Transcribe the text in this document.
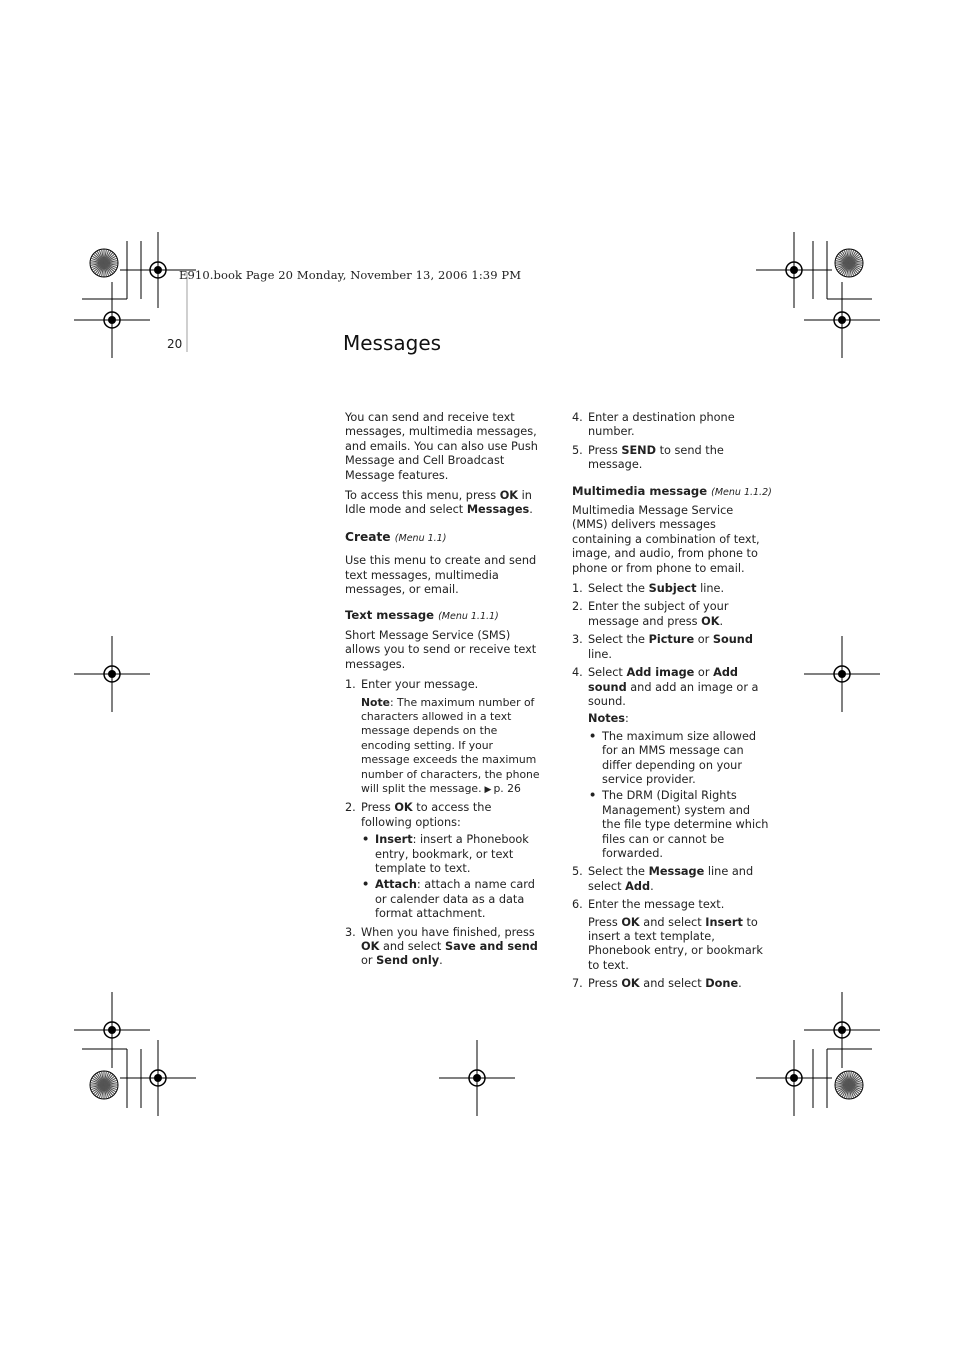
E910.book Page 20 Monday, November 13, 2006 1:39 PM
20	Messages

You can send and receive text messages, multimedia messages, and emails. You can also use Push Message and Cell Broadcast Message features.

To access this menu, press OK in Idle mode and select Messages.

Create (Menu 1.1)

Use this menu to create and send text messages, multimedia messages, or email.

Text message (Menu 1.1.1)

Short Message Service (SMS) allows you to send or receive text messages.

1. Enter your message.
Note: The maximum number of characters allowed in a text message depends on the encoding setting. If your message exceeds the maximum number of characters, the phone will split the message. ▶ p. 26
2. Press OK to access the following options:
• Insert: insert a Phonebook entry, bookmark, or text template to text.
• Attach: attach a name card or calender data as a data format attachment.
3. When you have finished, press OK and select Save and send or Send only.
4. Enter a destination phone number.
5. Press SEND to send the message.
Multimedia message (Menu 1.1.2)

Multimedia Message Service (MMS) delivers messages containing a combination of text, image, and audio, from phone to phone or from phone to email.

1. Select the Subject line.
2. Enter the subject of your message and press OK.
3. Select the Picture or Sound line.
4. Select Add image or Add sound and add an image or a sound.
Notes:
• The maximum size allowed for an MMS message can differ depending on your service provider.
• The DRM (Digital Rights Management) system and the file type determine which files can or cannot be forwarded.
5. Select the Message line and select Add.
6. Enter the message text.
Press OK and select Insert to insert a text template, Phonebook entry, or bookmark to text.
7. Press OK and select Done.
